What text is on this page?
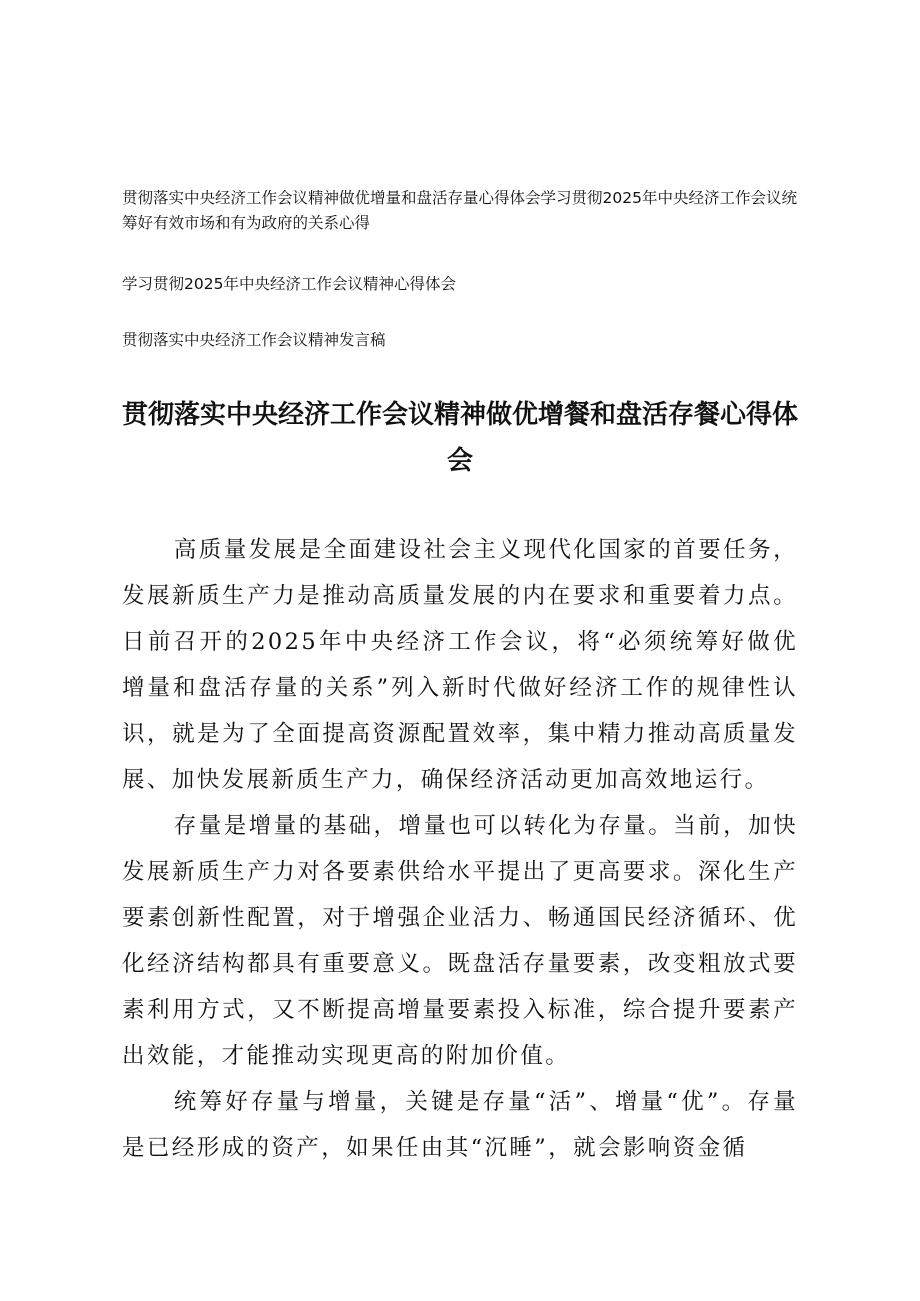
贯彻落实中央经济工作会议精神做优增量和盘活存量心得体会学习贯彻2025年中央经济工作会议统筹好有效市场和有为政府的关系心得

学习贯彻2025年中央经济工作会议精神心得体会

贯彻落实中央经济工作会议精神发言稿

贯彻落实中央经济工作会议精神做优增餐和盘活存餐心得体会

高质量发展是全面建设社会主义现代化国家的首要任务，发展新质生产力是推动高质量发展的内在要求和重要着力点。日前召开的2025年中央经济工作会议，将“必须统筹好做优增量和盘活存量的关系”列入新时代做好经济工作的规律性认识，就是为了全面提高资源配置效率，集中精力推动高质量发展、加快发展新质生产力，确保经济活动更加高效地运行。

存量是增量的基础，增量也可以转化为存量。当前，加快发展新质生产力对各要素供给水平提出了更高要求。深化生产要素创新性配置，对于增强企业活力、畅通国民经济循环、优化经济结构都具有重要意义。既盘活存量要素，改变粗放式要素利用方式，又不断提高增量要素投入标准，综合提升要素产出效能，才能推动实现更高的附加价值。

统筹好存量与增量，关键是存量“活”、增量“优”。存量是已经形成的资产，如果任由其“沉睡”，就会影响资金循
